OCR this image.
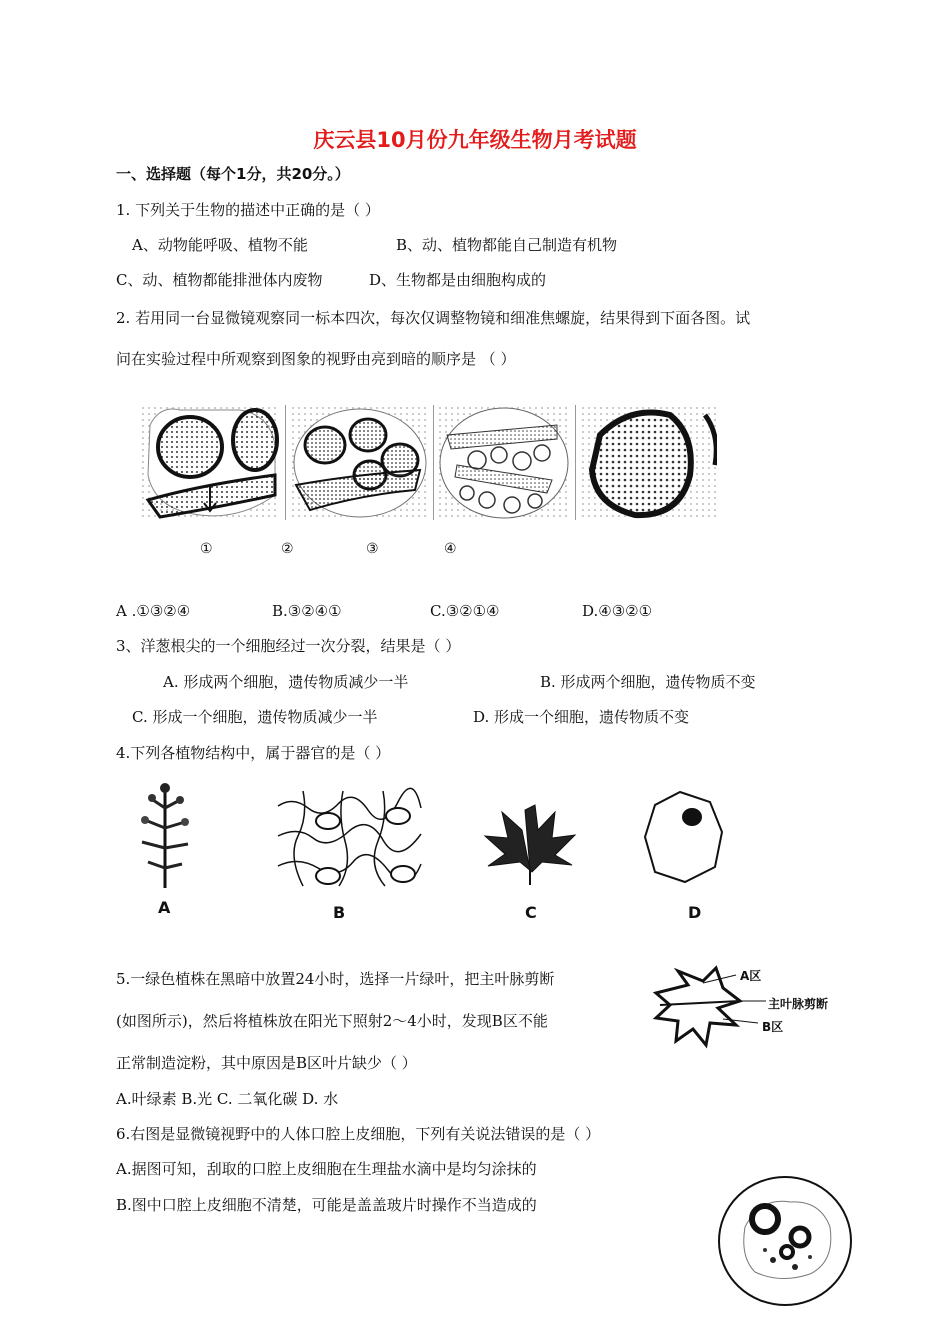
庆云县10月份九年级生物月考试题
一、选择题（每个1分，共20分。）
1. 下列关于生物的描述中正确的是（ ）
A、动物能呼吸、植物不能	B、动、植物都能自己制造有机物
C、动、植物都能排泄体内废物	D、生物都是由细胞构成的
2. 若用同一台显微镜观察同一标本四次，每次仅调整物镜和细准焦螺旋，结果得到下面各图。试
问在实验过程中所观察到图象的视野由亮到暗的顺序是 （ ）
①	②	③	④
A .①③②④	B.③②④①	C.③②①④	D.④③②①
3、洋葱根尖的一个细胞经过一次分裂，结果是（ ）
A. 形成两个细胞，遗传物质减少一半	B. 形成两个细胞，遗传物质不变
C. 形成一个细胞，遗传物质减少一半	D. 形成一个细胞，遗传物质不变
4.下列各植物结构中，属于器官的是（ ）
A	B	C	D
5.一绿色植株在黑暗中放置24小时，选择一片绿叶，把主叶脉剪断
(如图所示)，然后将植株放在阳光下照射2～4小时，发现B区不能
正常制造淀粉，其中原因是B区叶片缺少（ ）
A.叶绿素 B.光 C. 二氧化碳 D. 水
A区
主叶脉剪断
B区
6.右图是显微镜视野中的人体口腔上皮细胞，下列有关说法错误的是（ ）
A.据图可知，刮取的口腔上皮细胞在生理盐水滴中是均匀涂抹的
B.图中口腔上皮细胞不清楚，可能是盖盖玻片时操作不当造成的
